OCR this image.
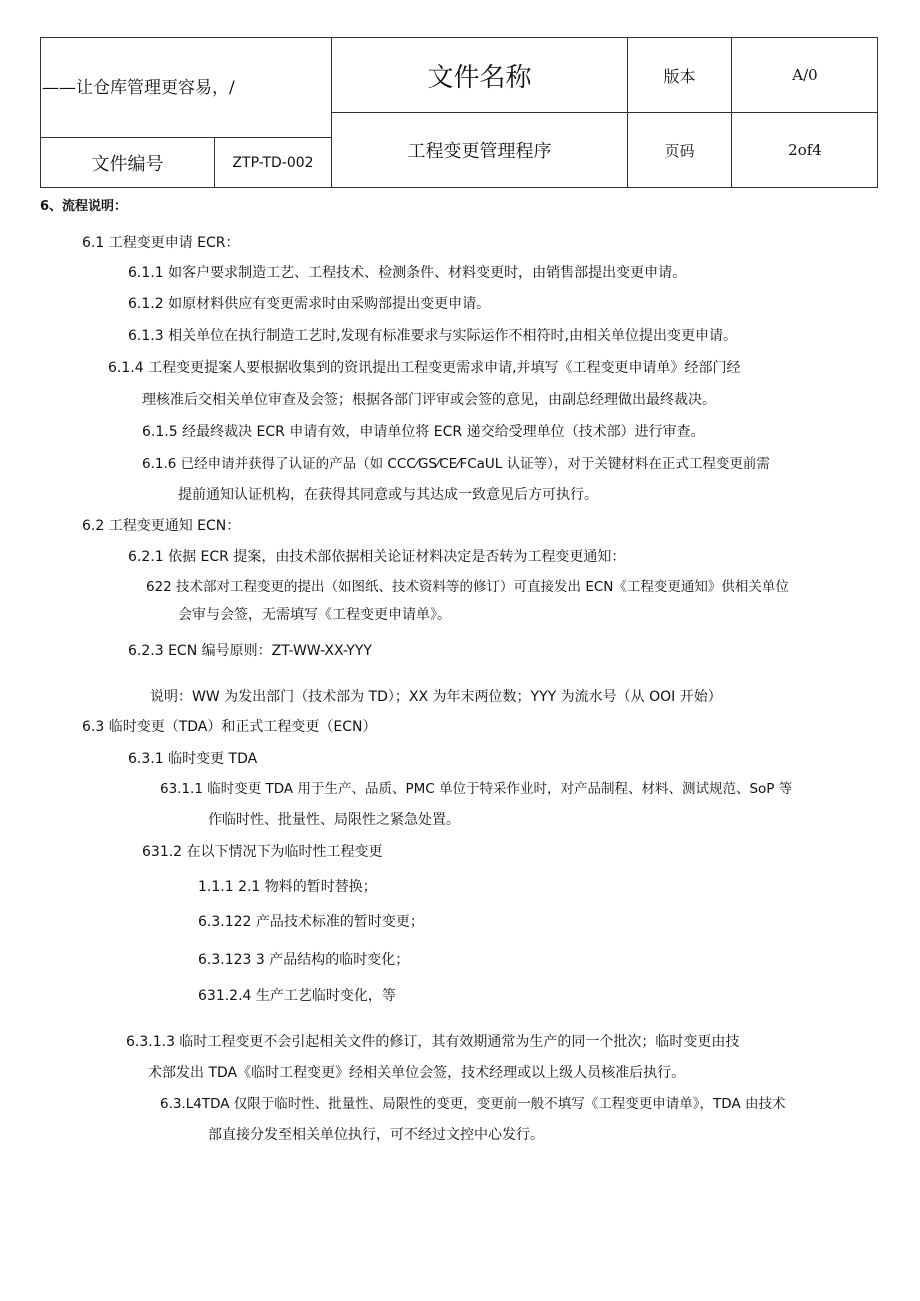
——让仓库管理更容易，/	文件名称	版本	A/0
文件编号	ZTP-TD-002
工程变更管理程序	页码	2of4
6、流程说明：
6.1 工程变更申请 ECR：
6.1.1 如客户要求制造工艺、工程技术、检测条件、材料变更时，由销售部提出变更申请。
6.1.2 如原材料供应有变更需求时由采购部提出变更申请。
6.1.3 相关单位在执行制造工艺时,发现有标准要求与实际运作不相符时,由相关单位提出变更申请。
6.1.4 工程变更提案人要根据收集到的资讯提出工程变更需求申请,并填写《工程变更申请单》经部门经
理核准后交相关单位审查及会签；根据各部门评审或会签的意见，由副总经理做出最终裁决。
6.1.5 经最终裁决 ECR 申请有效，申请单位将 ECR 递交给受理单位（技术部）进行审查。
6.1.6 已经申请并获得了认证的产品（如 CCC⁄GS⁄CE⁄FCaUL 认证等），对于关键材料在正式工程变更前需
提前通知认证机构，在获得其同意或与其达成一致意见后方可执行。
6.2 工程变更通知 ECN：
6.2.1 依据 ECR 提案，由技术部依据相关论证材料决定是否转为工程变更通知：
622 技术部对工程变更的提出（如图纸、技术资料等的修订）可直接发出 ECN《工程变更通知》供相关单位
会审与会签，无需填写《工程变更申请单》。
6.2.3 ECN 编号原则：ZT-WW-XX-YYY
说明：WW 为发出部门（技术部为 TD）；XX 为年末两位数；YYY 为流水号（从 OOI 开始）
6.3 临时变更（TDA）和正式工程变更（ECN）
6.3.1 临时变更 TDA
63.1.1 临时变更 TDA 用于生产、品质、PMC 单位于特采作业时，对产品制程、材料、测试规范、SoP 等
作临时性、批量性、局限性之紧急处置。
631.2 在以下情况下为临时性工程变更
1.1.1 2.1 物料的暂时替换；
6.3.122 产品技术标准的暂时变更；
6.3.123 3 产品结构的临时变化；
631.2.4 生产工艺临时变化，等
6.3.1.3 临时工程变更不会引起相关文件的修订，其有效期通常为生产的同一个批次；临时变更由技
术部发出 TDA《临时工程变更》经相关单位会签，技术经理或以上级人员核准后执行。
6.3.L4TDA 仅限于临时性、批量性、局限性的变更，变更前一般不填写《工程变更申请单》，TDA 由技术
部直接分发至相关单位执行，可不经过文控中心发行。
